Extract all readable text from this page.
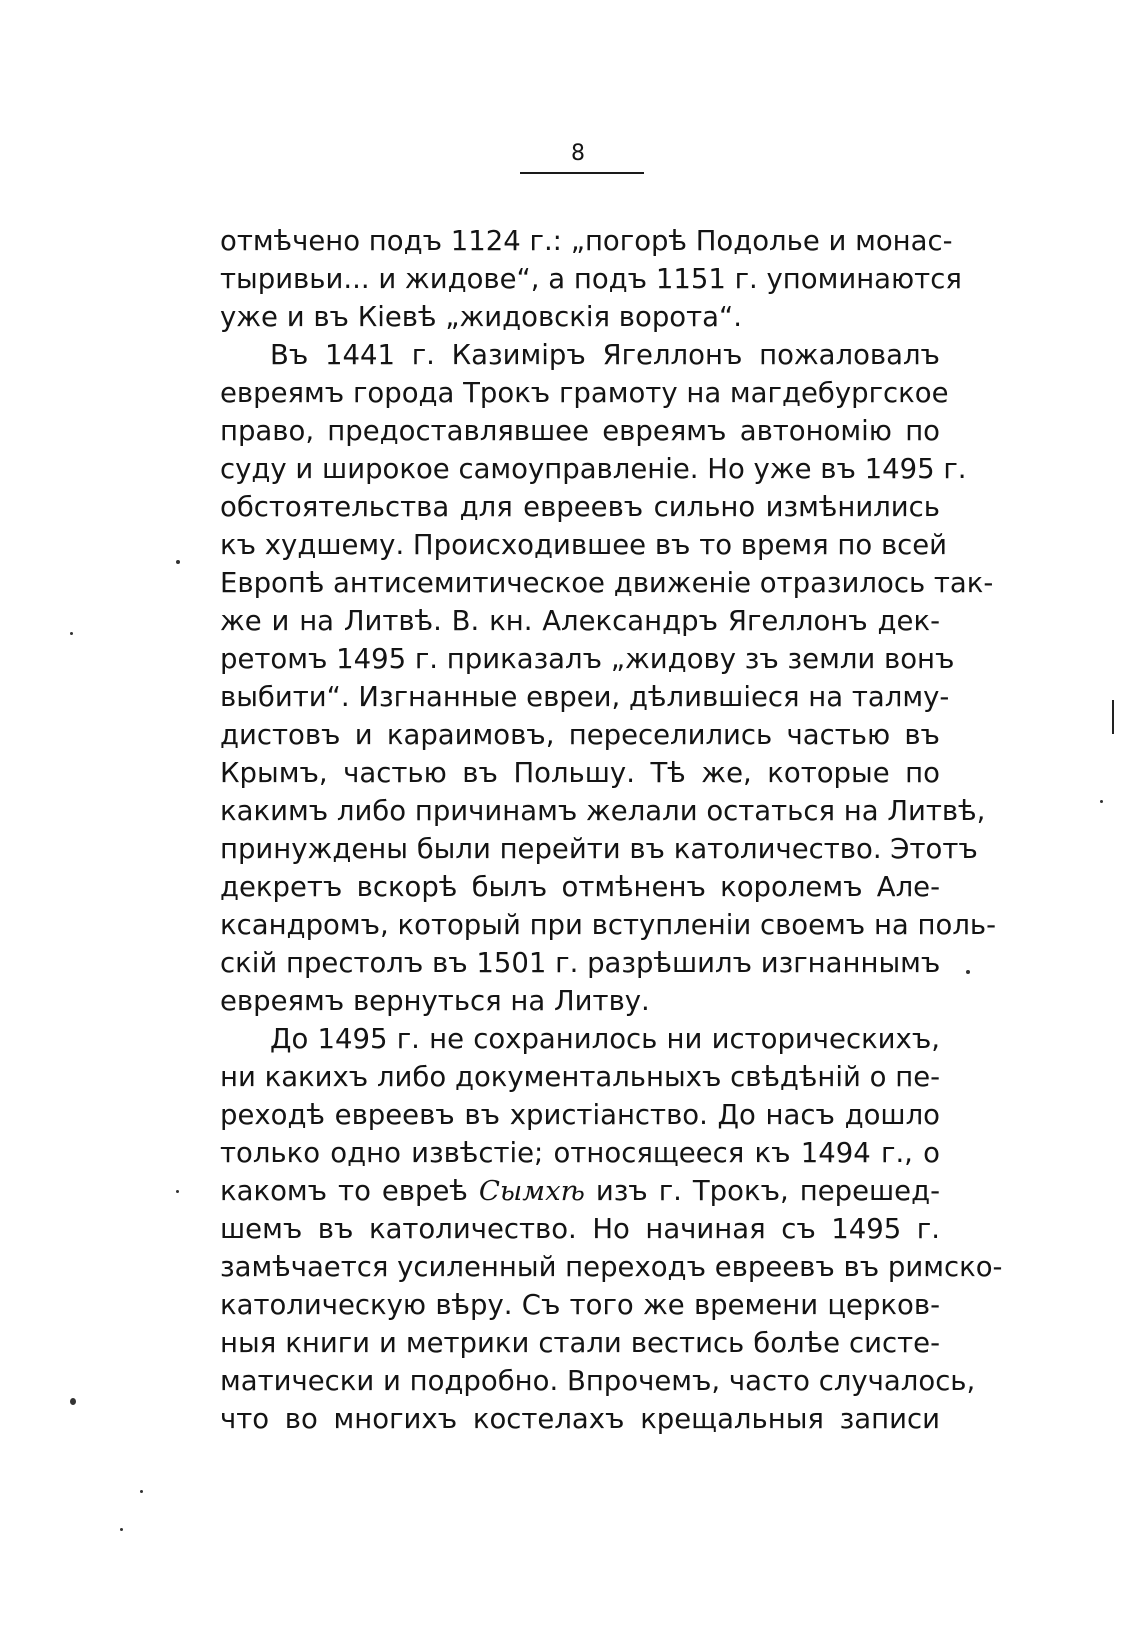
8
отмѣчено подъ 1124 г.: „погорѣ Подолье и монас-
тыривьи... и жидове“, а подъ 1151 г. упоминаются
уже и въ Кіевѣ „жидовскія ворота“.
Въ 1441 г. Казиміръ Ягеллонъ пожаловалъ
евреямъ города Трокъ грамоту на магдебургское
право, предоставлявшее евреямъ автономію по
суду и широкое самоуправленіе. Но уже въ 1495 г.
обстоятельства для евреевъ сильно измѣнились
къ худшему. Происходившее въ то время по всей
Европѣ антисемитическое движеніе отразилось так-
же и на Литвѣ. В. кн. Александръ Ягеллонъ дек-
ретомъ 1495 г. приказалъ „жидову зъ земли вонъ
выбити“. Изгнанные евреи, дѣлившіеся на талму-
дистовъ и караимовъ, переселились частью въ
Крымъ, частью въ Польшу. Тѣ же, которые по
какимъ либо причинамъ желали остаться на Литвѣ,
принуждены были перейти въ католичество. Этотъ
декретъ вскорѣ былъ отмѣненъ королемъ Але-
ксандромъ, который при вступленіи своемъ на поль-
скій престолъ въ 1501 г. разрѣшилъ изгнаннымъ
евреямъ вернуться на Литву.
До 1495 г. не сохранилось ни историческихъ,
ни какихъ либо документальныхъ свѣдѣній о пе-
реходѣ евреевъ въ христіанство. До насъ дошло
только одно извѣстіе; относящееся къ 1494 г., о
какомъ то евреѣ Сымхѣ изъ г. Трокъ, перешед-
шемъ въ католичество. Но начиная съ 1495 г.
замѣчается усиленный переходъ евреевъ въ римско-
католическую вѣру. Съ того же времени церков-
ныя книги и метрики стали вестись болѣе систе-
матически и подробно. Впрочемъ, часто случалось,
что во многихъ костелахъ крещальныя записи
